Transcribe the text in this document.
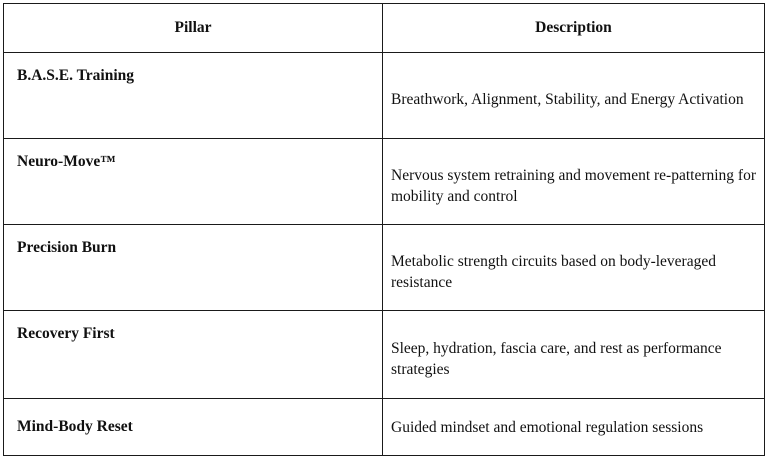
Pillar	Description
B.A.S.E. Training	Breathwork, Alignment, Stability, and Energy Activation
Neuro-Move™	Nervous system retraining and movement re-patterning for mobility and control
Precision Burn	Metabolic strength circuits based on body-leveraged resistance
Recovery First	Sleep, hydration, fascia care, and rest as performance strategies
Mind-Body Reset	Guided mindset and emotional regulation sessions
